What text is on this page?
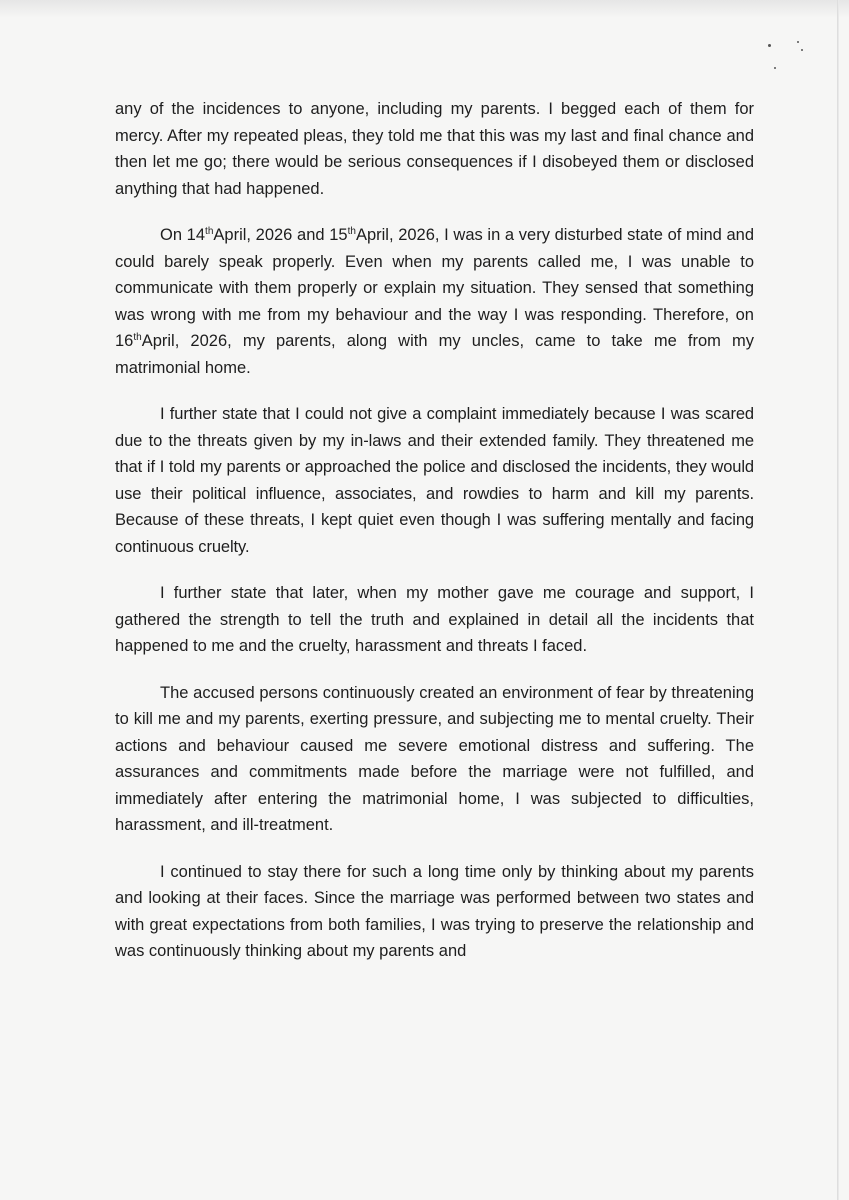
any of the incidences to anyone, including my parents. I begged each of them for mercy. After my repeated pleas, they told me that this was my last and final chance and then let me go; there would be serious consequences if I disobeyed them or disclosed anything that had happened.

On 14thApril, 2026 and 15thApril, 2026, I was in a very disturbed state of mind and could barely speak properly. Even when my parents called me, I was unable to communicate with them properly or explain my situation. They sensed that something was wrong with me from my behaviour and the way I was responding. Therefore, on 16thApril, 2026, my parents, along with my uncles, came to take me from my matrimonial home.

I further state that I could not give a complaint immediately because I was scared due to the threats given by my in-laws and their extended family. They threatened me that if I told my parents or approached the police and disclosed the incidents, they would use their political influence, associates, and rowdies to harm and kill my parents. Because of these threats, I kept quiet even though I was suffering mentally and facing continuous cruelty.

I further state that later, when my mother gave me courage and support, I gathered the strength to tell the truth and explained in detail all the incidents that happened to me and the cruelty, harassment and threats I faced.

The accused persons continuously created an environment of fear by threatening to kill me and my parents, exerting pressure, and subjecting me to mental cruelty. Their actions and behaviour caused me severe emotional distress and suffering. The assurances and commitments made before the marriage were not fulfilled, and immediately after entering the matrimonial home, I was subjected to difficulties, harassment, and ill-treatment.

I continued to stay there for such a long time only by thinking about my parents and looking at their faces. Since the marriage was performed between two states and with great expectations from both families, I was trying to preserve the relationship and was continuously thinking about my parents and
